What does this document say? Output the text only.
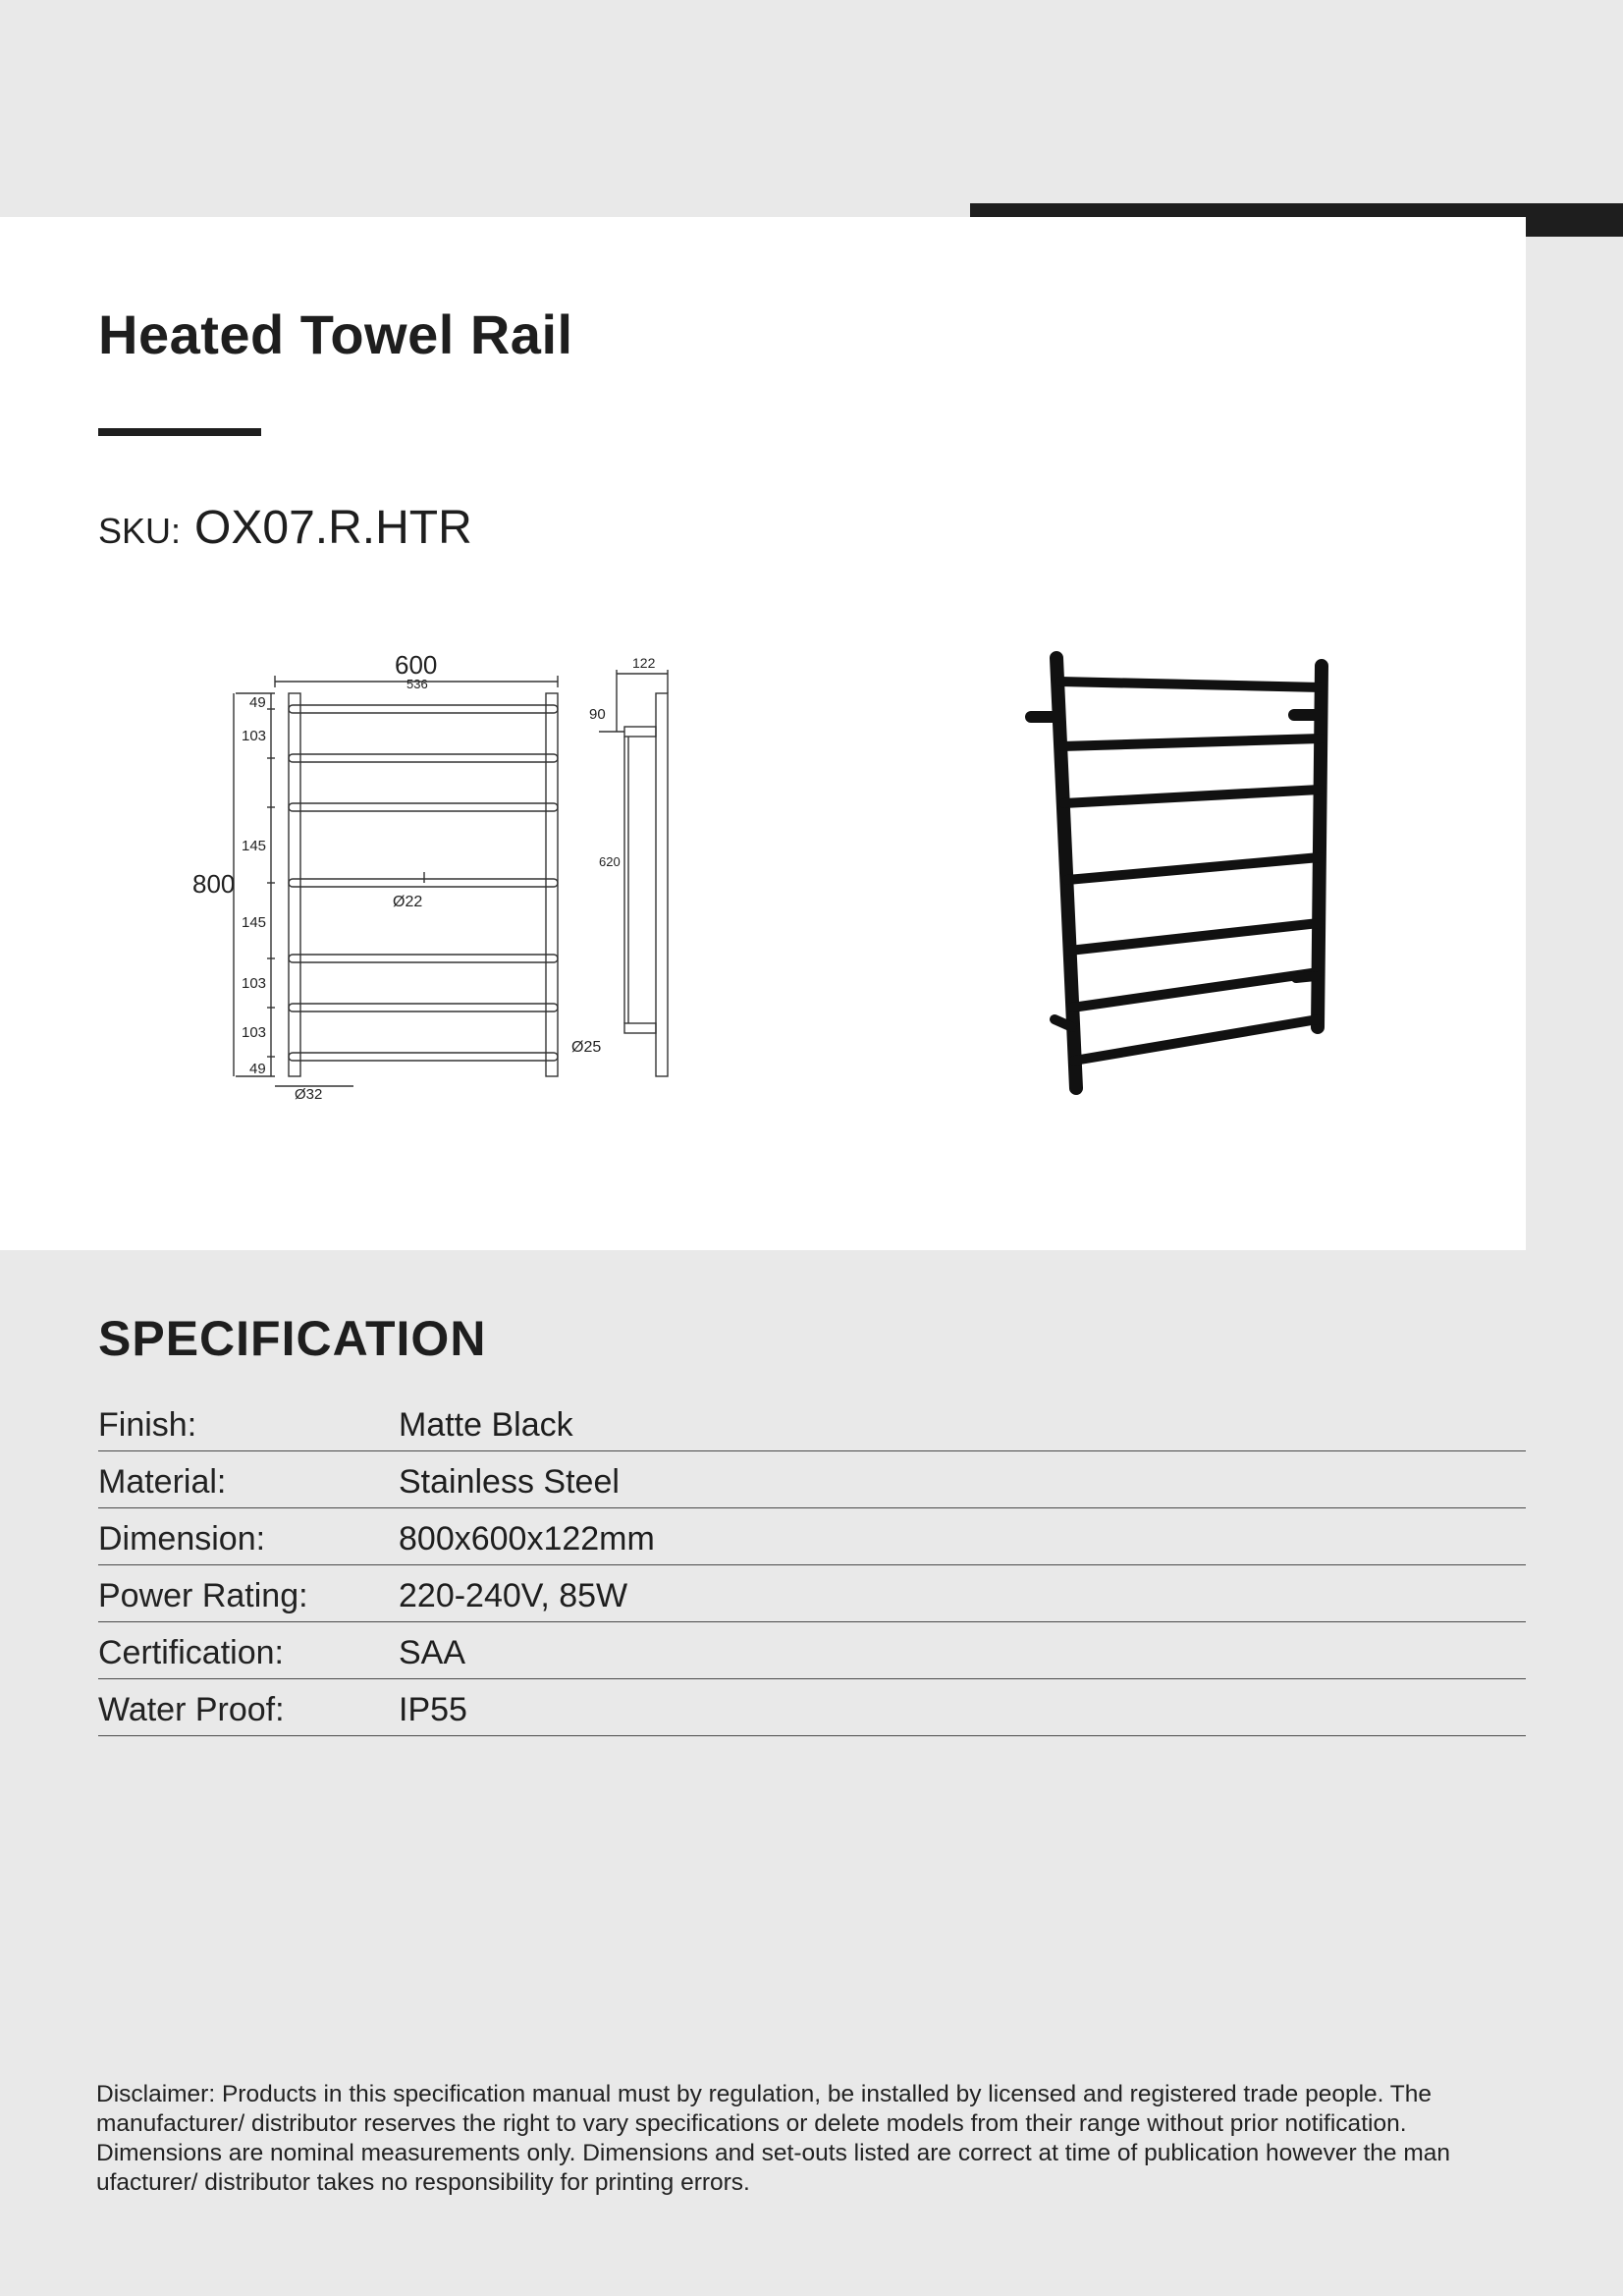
Heated Towel Rail
SKU: OX07.R.HTR
600
536
800
122
90
620
Ø22
Ø32
Ø25
49
103
145
145
103
103
49
SPECIFICATION
Finish:	Matte Black
Material:	Stainless Steel
Dimension:	800x600x122mm
Power Rating:	220-240V, 85W
Certification:	SAA
Water Proof:	IP55

Disclaimer: Products in this specification manual must by regulation, be installed by licensed and registered trade people. The manufacturer/ distributor reserves the right to vary specifications or delete models from their range without prior notification. Dimensions are nominal measurements only. Dimensions and set-outs listed are correct at time of publication however the man ufacturer/ distributor takes no responsibility for printing errors.
